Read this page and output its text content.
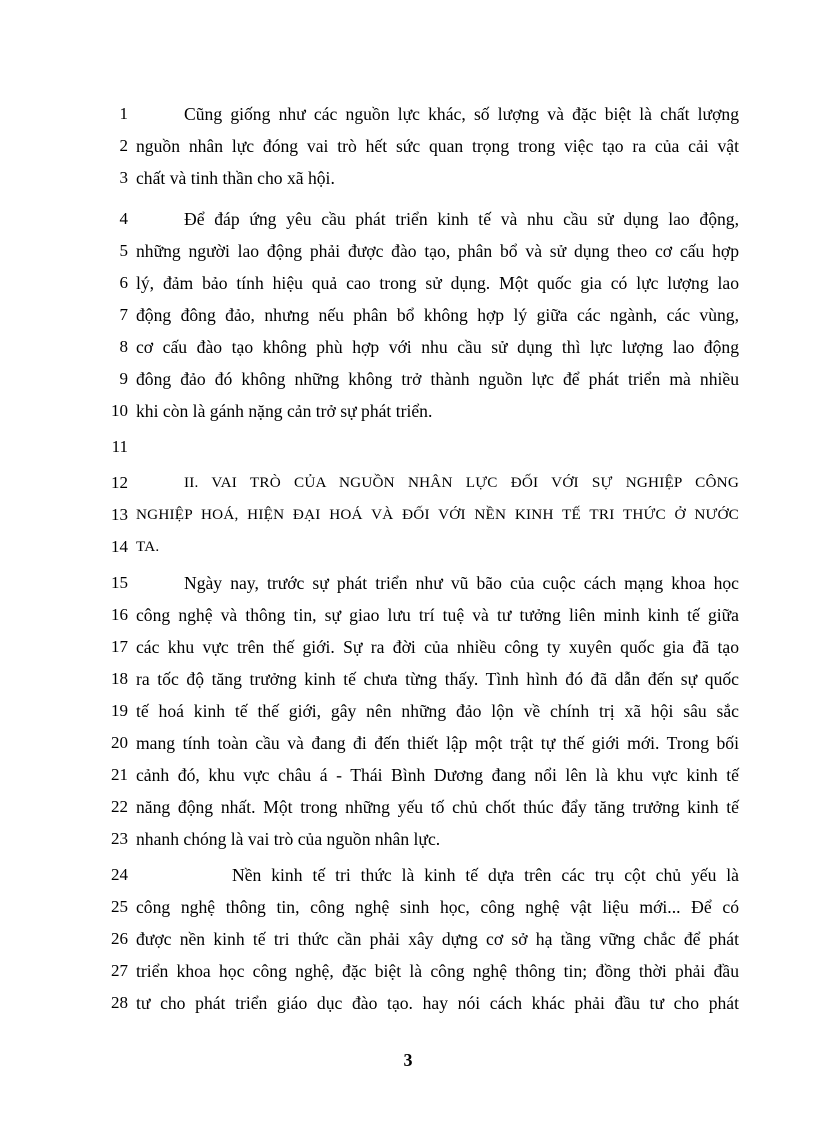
1	Cũng giống như các nguồn lực khác, số lượng và đặc biệt là chất lượng
2 nguồn nhân lực đóng vai trò hết sức quan trọng trong việc tạo ra của cải vật
3 chất và tinh thần cho xã hội.
4	Để đáp ứng yêu cầu phát triển kinh tế và nhu cầu sử dụng lao động,
5 những người lao động phải được đào tạo, phân bổ và sử dụng theo cơ cấu hợp
6 lý, đảm bảo tính hiệu quả cao trong sử dụng. Một quốc gia có lực lượng lao
7 động đông đảo, nhưng nếu phân bổ không hợp lý giữa các ngành, các vùng,
8 cơ cấu đào tạo không phù hợp với nhu cầu sử dụng thì lực lượng lao động
9 đông đảo đó không những không trở thành nguồn lực để phát triển mà nhiều
10 khi còn là gánh nặng cản trở sự phát triển.
11
12	II. VAI TRÒ CỦA NGUỒN NHÂN LỰC ĐỐI VỚI SỰ NGHIỆP CÔNG
13 NGHIỆP HOÁ, HIỆN ĐẠI HOÁ VÀ ĐỐI VỚI NỀN KINH TẾ TRI THỨC Ở NƯỚC
14 TA.
15	Ngày nay, trước sự phát triển như vũ bão của cuộc cách mạng khoa học
16 công nghệ và thông tin, sự giao lưu trí tuệ và tư tưởng liên minh kinh tế giữa
17 các khu vực trên thế giới. Sự ra đời của nhiều công ty xuyên quốc gia đã tạo
18 ra tốc độ tăng trưởng kinh tế chưa từng thấy. Tình hình đó đã dẫn đến sự quốc
19 tế hoá kinh tế thế giới, gây nên những đảo lộn về chính trị xã hội sâu sắc
20 mang tính toàn cầu và đang đi đến thiết lập một trật tự thế giới mới. Trong bối
21 cảnh đó, khu vực châu á - Thái Bình Dương đang nổi lên là khu vực kinh tế
22 năng động nhất. Một trong những yếu tố chủ chốt thúc đẩy tăng trưởng kinh tế
23 nhanh chóng là vai trò của nguồn nhân lực.
24	Nền kinh tế tri thức là kinh tế dựa trên các trụ cột chủ yếu là
25 công nghệ thông tin, công nghệ sinh học, công nghệ vật liệu mới... Để có
26 được nền kinh tế tri thức cần phải xây dựng cơ sở hạ tầng vững chắc để phát
27 triển khoa học công nghệ, đặc biệt là công nghệ thông tin; đồng thời phải đầu
28 tư cho phát triển giáo dục đào tạo. hay nói cách khác phải đầu tư cho phát
3
